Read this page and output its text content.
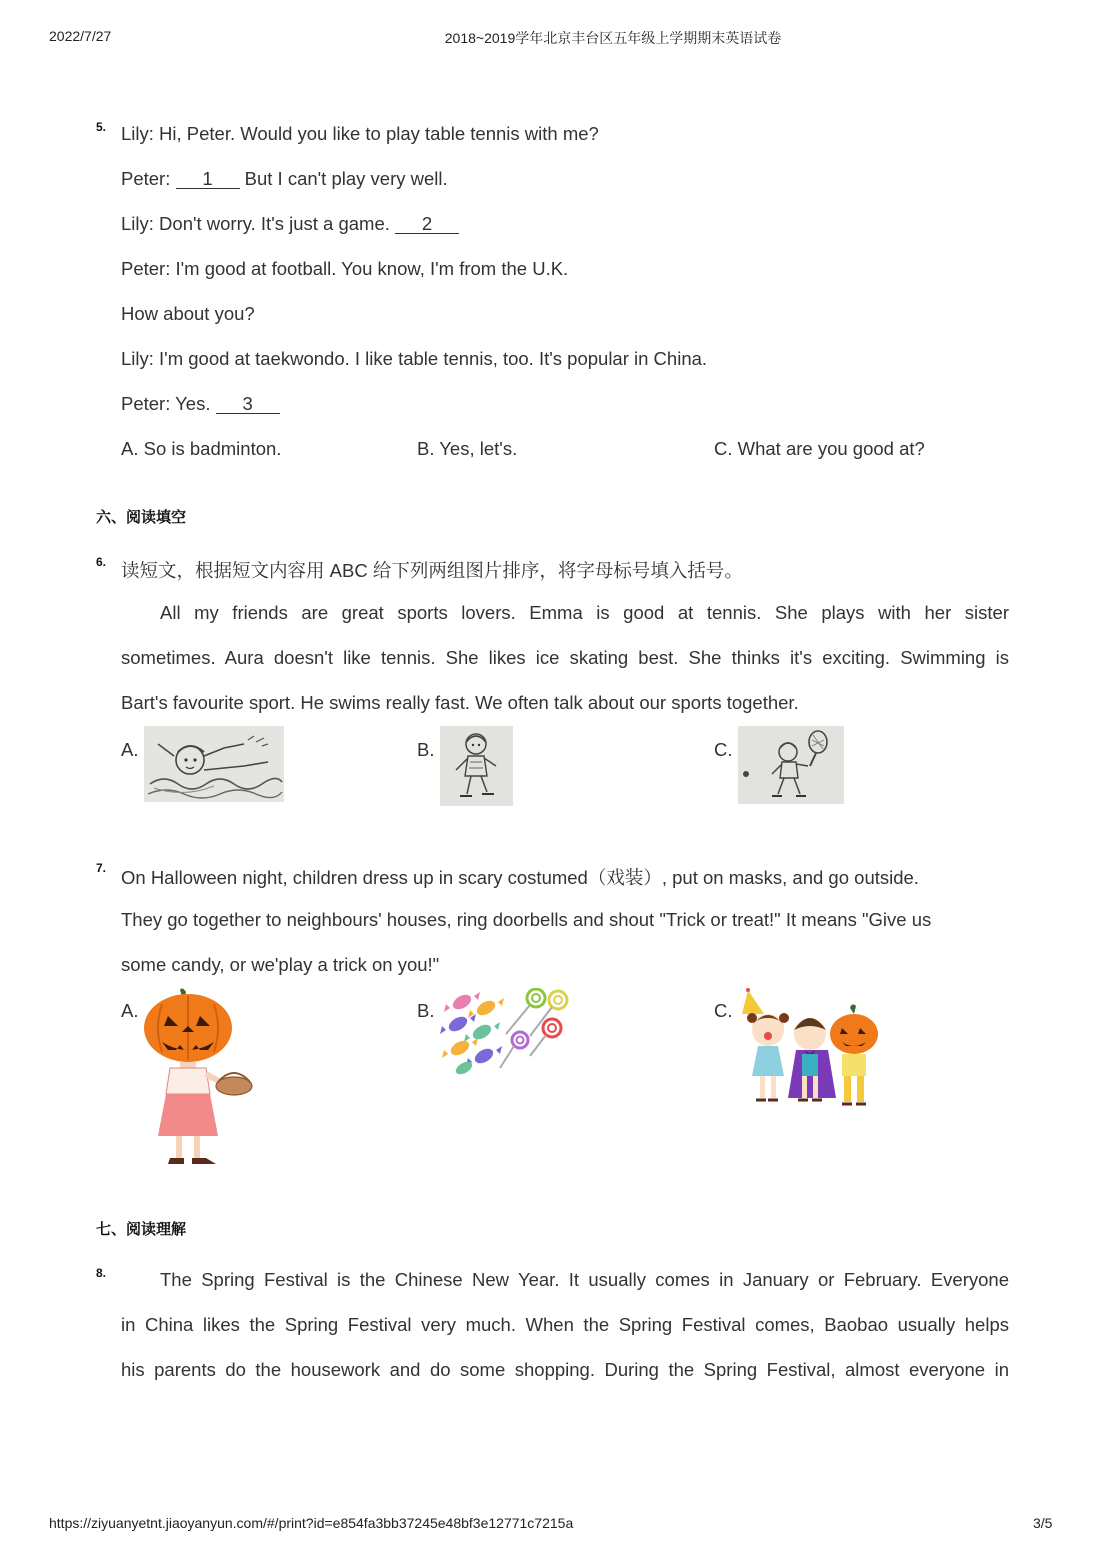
2022/7/27	2018~2019学年北京丰台区五年级上学期期末英语试卷
5. Lily: Hi, Peter. Would you like to play table tennis with me?
Peter: 1 But I can't play very well.
Lily: Don't worry. It's just a game. 2
Peter: I'm good at football. You know, I'm from the U.K.
How about you?
Lily: I'm good at taekwondo. I like table tennis, too. It's popular in China.
Peter: Yes. 3
A. So is badminton.	B. Yes, let's.	C. What are you good at?
六、阅读填空
6. 读短文，根据短文内容用 ABC 给下列两组图片排序，将字母标号填入括号。
All my friends are great sports lovers. Emma is good at tennis. She plays with her sister
sometimes. Aura doesn't like tennis. She likes ice skating best. She thinks it's exciting. Swimming is
Bart's favourite sport. He swims really fast. We often talk about our sports together.
A.	B.	C.
7. On Halloween night, children dress up in scary costumed（戏装）, put on masks, and go outside.
They go together to neighbours' houses, ring doorbells and shout "Trick or treat!" It means "Give us
some candy, or we'play a trick on you!"
A.	B.	C.
七、阅读理解
8.	The Spring Festival is the Chinese New Year. It usually comes in January or February. Everyone
in China likes the Spring Festival very much. When the Spring Festival comes, Baobao usually helps
his parents do the housework and do some shopping. During the Spring Festival, almost everyone in
https://ziyuanyetnt.jiaoyanyun.com/#/print?id=e854fa3bb37245e48bf3e12771c7215a	3/5
